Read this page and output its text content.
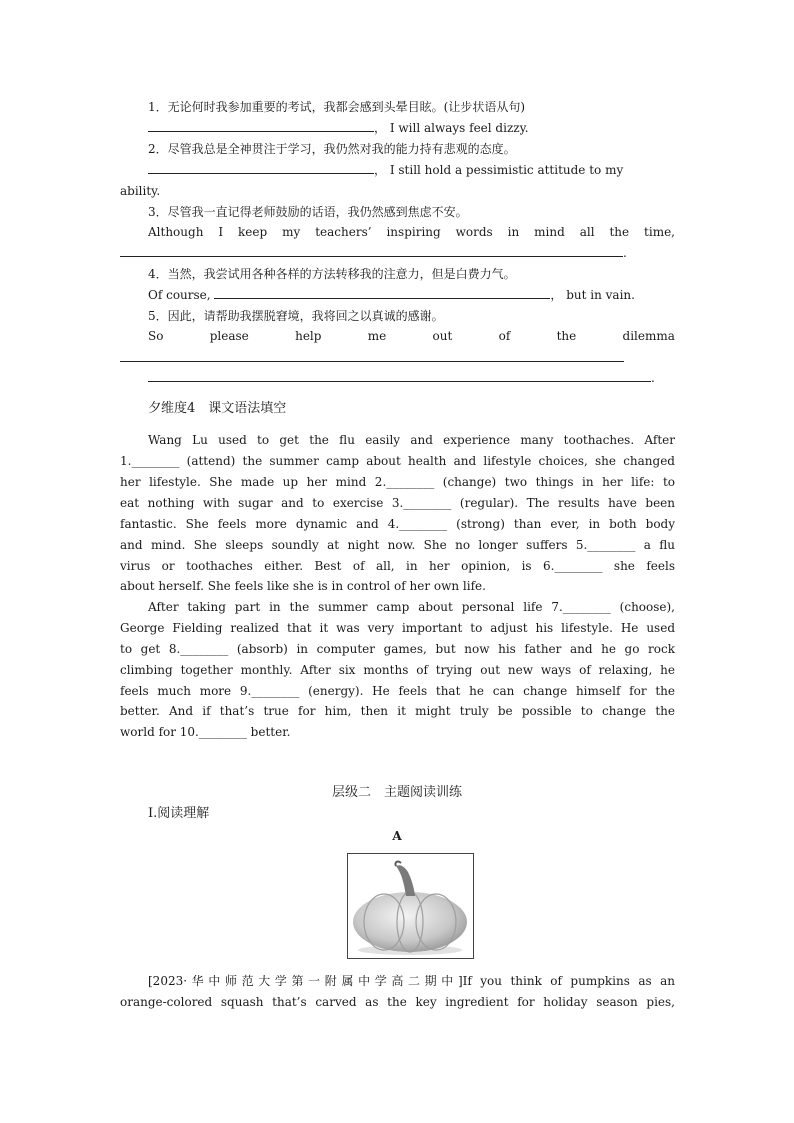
1．无论何时我参加重要的考试，我都会感到头晕目眩。(让步状语从句)
， I will always feel dizzy.
2．尽管我总是全神贯注于学习，我仍然对我的能力持有悲观的态度。
， I still hold a pessimistic attitude to my
ability.
3．尽管我一直记得老师鼓励的话语，我仍然感到焦虑不安。
Although I keep my teachers’ inspiring words in mind all the time,
.
4．当然，我尝试用各种各样的方法转移我的注意力，但是白费力气。
Of course,	， but in vain.
5．因此，请帮助我摆脱窘境，我将回之以真诚的感谢。
So	please	help	me	out	of	the	dilemma
.
⼣维度4　课文语法填空
Wang Lu used to get the flu easily and experience many toothaches. After
1.________ (attend) the summer camp about health and lifestyle choices, she changed
her lifestyle. She made up her mind 2.________ (change) two things in her life: to
eat nothing with sugar and to exercise 3.________ (regular). The results have been
fantastic. She feels more dynamic and 4.________ (strong) than ever, in both body
and mind. She sleeps soundly at night now. She no longer suffers 5.________ a flu
virus or toothaches either. Best of all, in her opinion, is 6.________ she feels
about herself. She feels like she is in control of her own life.
After taking part in the summer camp about personal life 7.________ (choose),
George Fielding realized that it was very important to adjust his lifestyle. He used
to get 8.________ (absorb) in computer games, but now his father and he go rock
climbing together monthly. After six months of trying out new ways of relaxing, he
feels much more 9.________ (energy). He feels that he can change himself for the
better. And if that’s true for him, then it might truly be possible to change the
world for 10.________ better.
层级二　主题阅读训练
Ⅰ.阅读理解
A
[2023·华中师范大学第一附属中学高二期中]If you think of pumpkins as an
orange-colored squash that’s carved as the key ingredient for holiday season pies,
